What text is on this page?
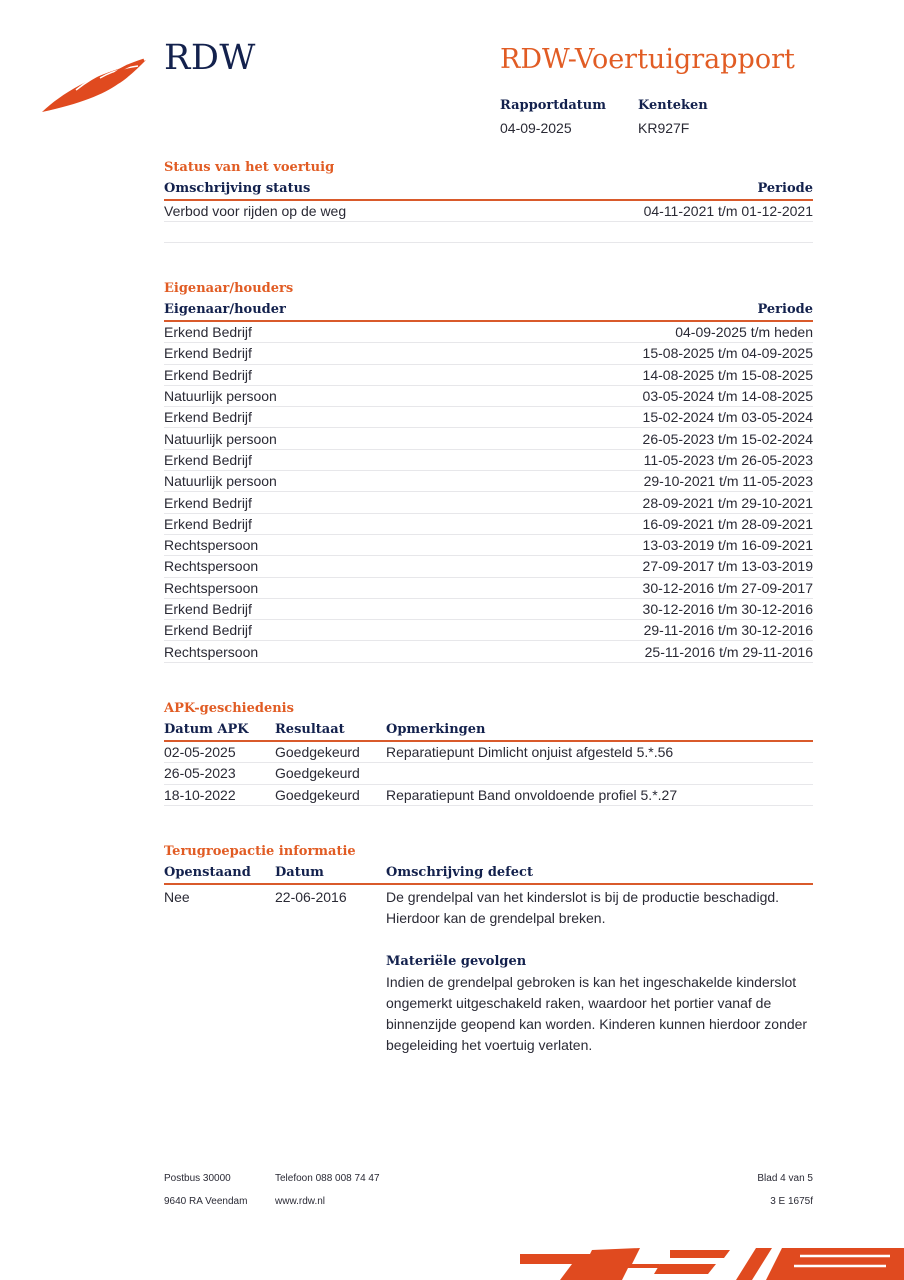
RDW	RDW-Voertuigrapport
Rapportdatum
04-09-2025
Kenteken
KR927F
Status van het voertuig
Omschrijving status	Periode
Verbod voor rijden op de weg	04-11-2021 t/m 01-12-2021
Eigenaar/houders
Eigenaar/houder	Periode
Erkend Bedrijf	04-09-2025 t/m heden
Erkend Bedrijf	15-08-2025 t/m 04-09-2025
Erkend Bedrijf	14-08-2025 t/m 15-08-2025
Natuurlijk persoon	03-05-2024 t/m 14-08-2025
Erkend Bedrijf	15-02-2024 t/m 03-05-2024
Natuurlijk persoon	26-05-2023 t/m 15-02-2024
Erkend Bedrijf	11-05-2023 t/m 26-05-2023
Natuurlijk persoon	29-10-2021 t/m 11-05-2023
Erkend Bedrijf	28-09-2021 t/m 29-10-2021
Erkend Bedrijf	16-09-2021 t/m 28-09-2021
Rechtspersoon	13-03-2019 t/m 16-09-2021
Rechtspersoon	27-09-2017 t/m 13-03-2019
Rechtspersoon	30-12-2016 t/m 27-09-2017
Erkend Bedrijf	30-12-2016 t/m 30-12-2016
Erkend Bedrijf	29-11-2016 t/m 30-12-2016
Rechtspersoon	25-11-2016 t/m 29-11-2016
APK-geschiedenis
Datum APK	Resultaat	Opmerkingen
02-05-2025	Goedgekeurd	Reparatiepunt Dimlicht onjuist afgesteld 5.*.56
26-05-2023	Goedgekeurd
18-10-2022	Goedgekeurd	Reparatiepunt Band onvoldoende profiel 5.*.27
Terugroepactie informatie
Openstaand	Datum	Omschrijving defect
Nee	22-06-2016	De grendelpal van het kinderslot is bij de productie beschadigd.

Hierdoor kan de grendelpal breken.

Materiële gevolgen

Indien de grendelpal gebroken is kan het ingeschakelde kinderslot

ongemerkt uitgeschakeld raken, waardoor het portier vanaf de

binnenzijde geopend kan worden. Kinderen kunnen hierdoor zonder

begeleiding het voertuig verlaten.

Postbus 30000	Telefoon 088 008 74 47	Blad 4 van 5
9640 RA Veendam	www.rdw.nl	3 E 1675f
